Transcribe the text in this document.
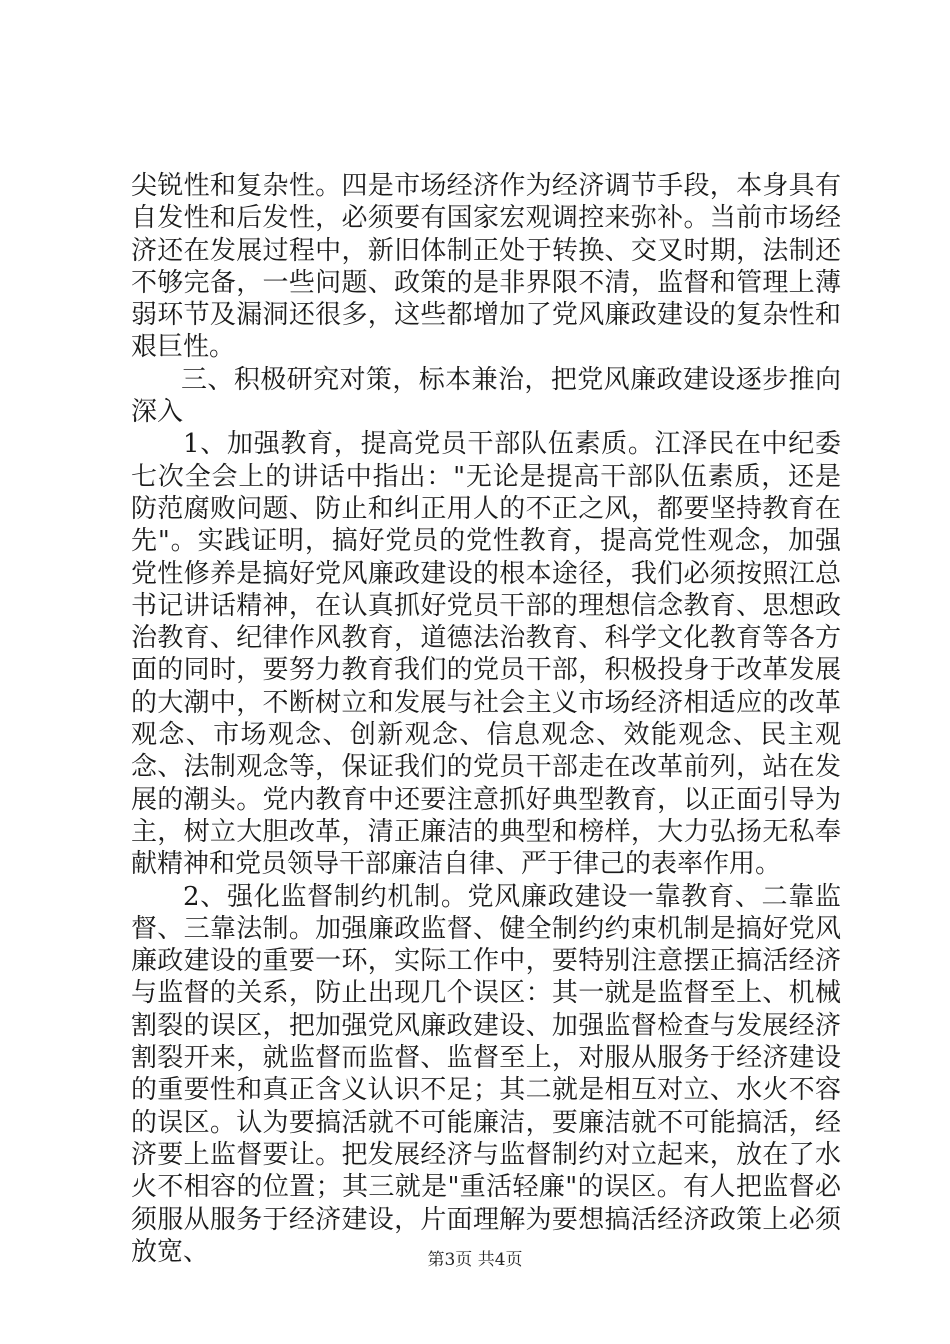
尖锐性和复杂性。四是市场经济作为经济调节手段，本身具有自发性和后发性，必须要有国家宏观调控来弥补。当前市场经济还在发展过程中，新旧体制正处于转换、交叉时期，法制还不够完备，一些问题、政策的是非界限不清，监督和管理上薄弱环节及漏洞还很多，这些都增加了党风廉政建设的复杂性和艰巨性。

三、积极研究对策，标本兼治，把党风廉政建设逐步推向深入

1、加强教育，提高党员干部队伍素质。江泽民在中纪委七次全会上的讲话中指出："无论是提高干部队伍素质，还是防范腐败问题、防止和纠正用人的不正之风，都要坚持教育在先"。实践证明，搞好党员的党性教育，提高党性观念，加强党性修养是搞好党风廉政建设的根本途径，我们必须按照江总书记讲话精神，在认真抓好党员干部的理想信念教育、思想政治教育、纪律作风教育，道德法治教育、科学文化教育等各方面的同时，要努力教育我们的党员干部，积极投身于改革发展的大潮中，不断树立和发展与社会主义市场经济相适应的改革观念、市场观念、创新观念、信息观念、效能观念、民主观念、法制观念等，保证我们的党员干部走在改革前列，站在发展的潮头。党内教育中还要注意抓好典型教育，以正面引导为主，树立大胆改革，清正廉洁的典型和榜样，大力弘扬无私奉献精神和党员领导干部廉洁自律、严于律己的表率作用。

2、强化监督制约机制。党风廉政建设一靠教育、二靠监督、三靠法制。加强廉政监督、健全制约约束机制是搞好党风廉政建设的重要一环，实际工作中，要特别注意摆正搞活经济与监督的关系，防止出现几个误区：其一就是监督至上、机械割裂的误区，把加强党风廉政建设、加强监督检查与发展经济割裂开来，就监督而监督、监督至上，对服从服务于经济建设的重要性和真正含义认识不足；其二就是相互对立、水火不容的误区。认为要搞活就不可能廉洁，要廉洁就不可能搞活，经济要上监督要让。把发展经济与监督制约对立起来，放在了水火不相容的位置；其三就是"重活轻廉"的误区。有人把监督必须服从服务于经济建设，片面理解为要想搞活经济政策上必须放宽、	第3页 共4页
